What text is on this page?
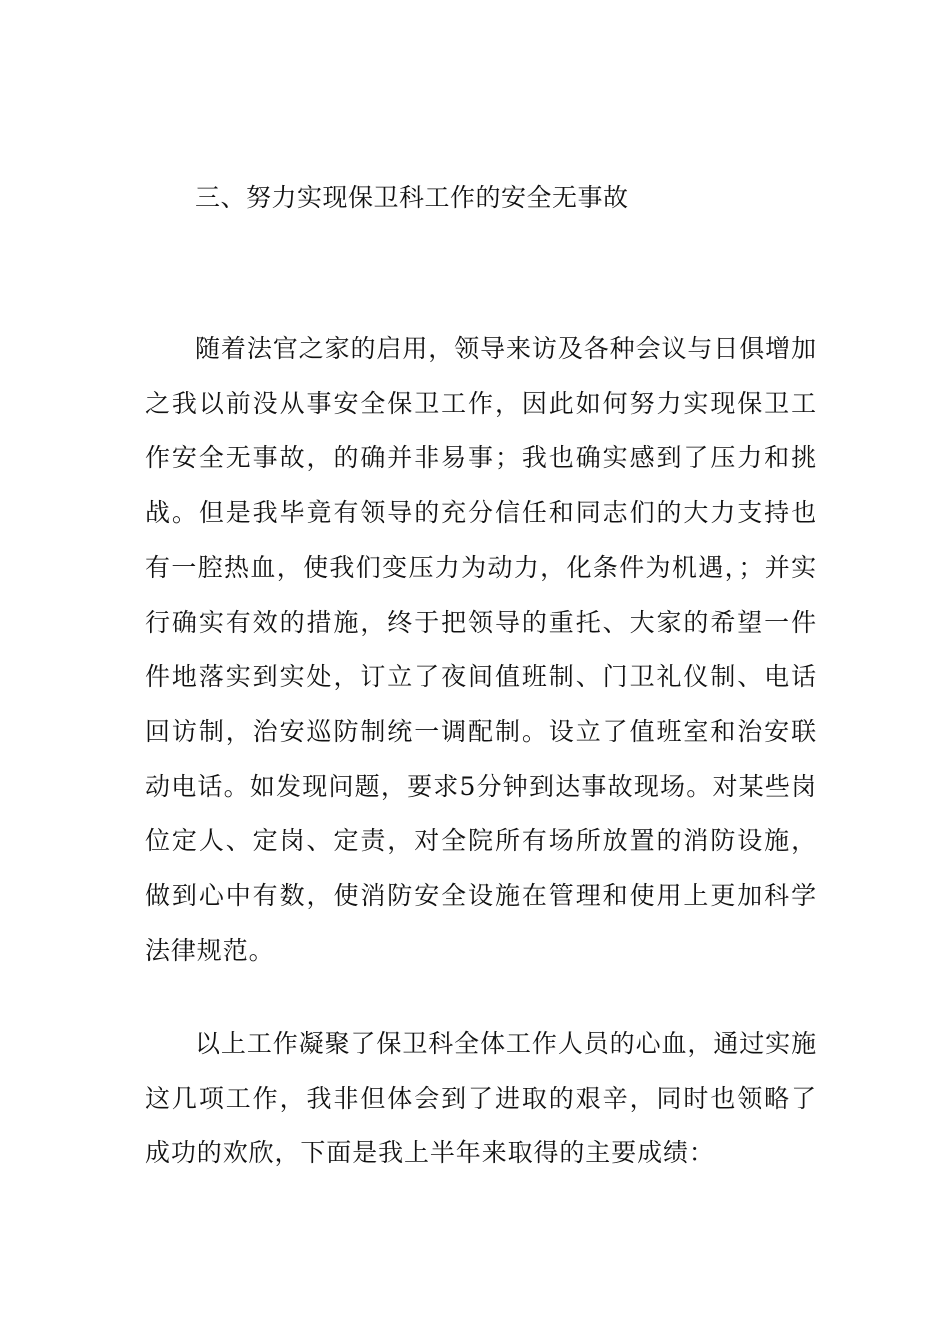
三、努力实现保卫科工作的安全无事故

随着法官之家的启用，领导来访及各种会议与日俱增加之我以前没从事安全保卫工作，因此如何努力实现保卫工作安全无事故，的确并非易事；我也确实感到了压力和挑战。但是我毕竟有领导的充分信任和同志们的大力支持也有一腔热血，使我们变压力为动力，化条件为机遇，；并实行确实有效的措施，终于把领导的重托、大家的希望一件件地落实到实处，订立了夜间值班制、门卫礼仪制、电话回访制，治安巡防制统一调配制。设立了值班室和治安联动电话。如发现问题，要求5分钟到达事故现场。对某些岗位定人、定岗、定责，对全院所有场所放置的消防设施，做到心中有数，使消防安全设施在管理和使用上更加科学法律规范。

以上工作凝聚了保卫科全体工作人员的心血，通过实施这几项工作，我非但体会到了进取的艰辛，同时也领略了成功的欢欣，下面是我上半年来取得的主要成绩：
